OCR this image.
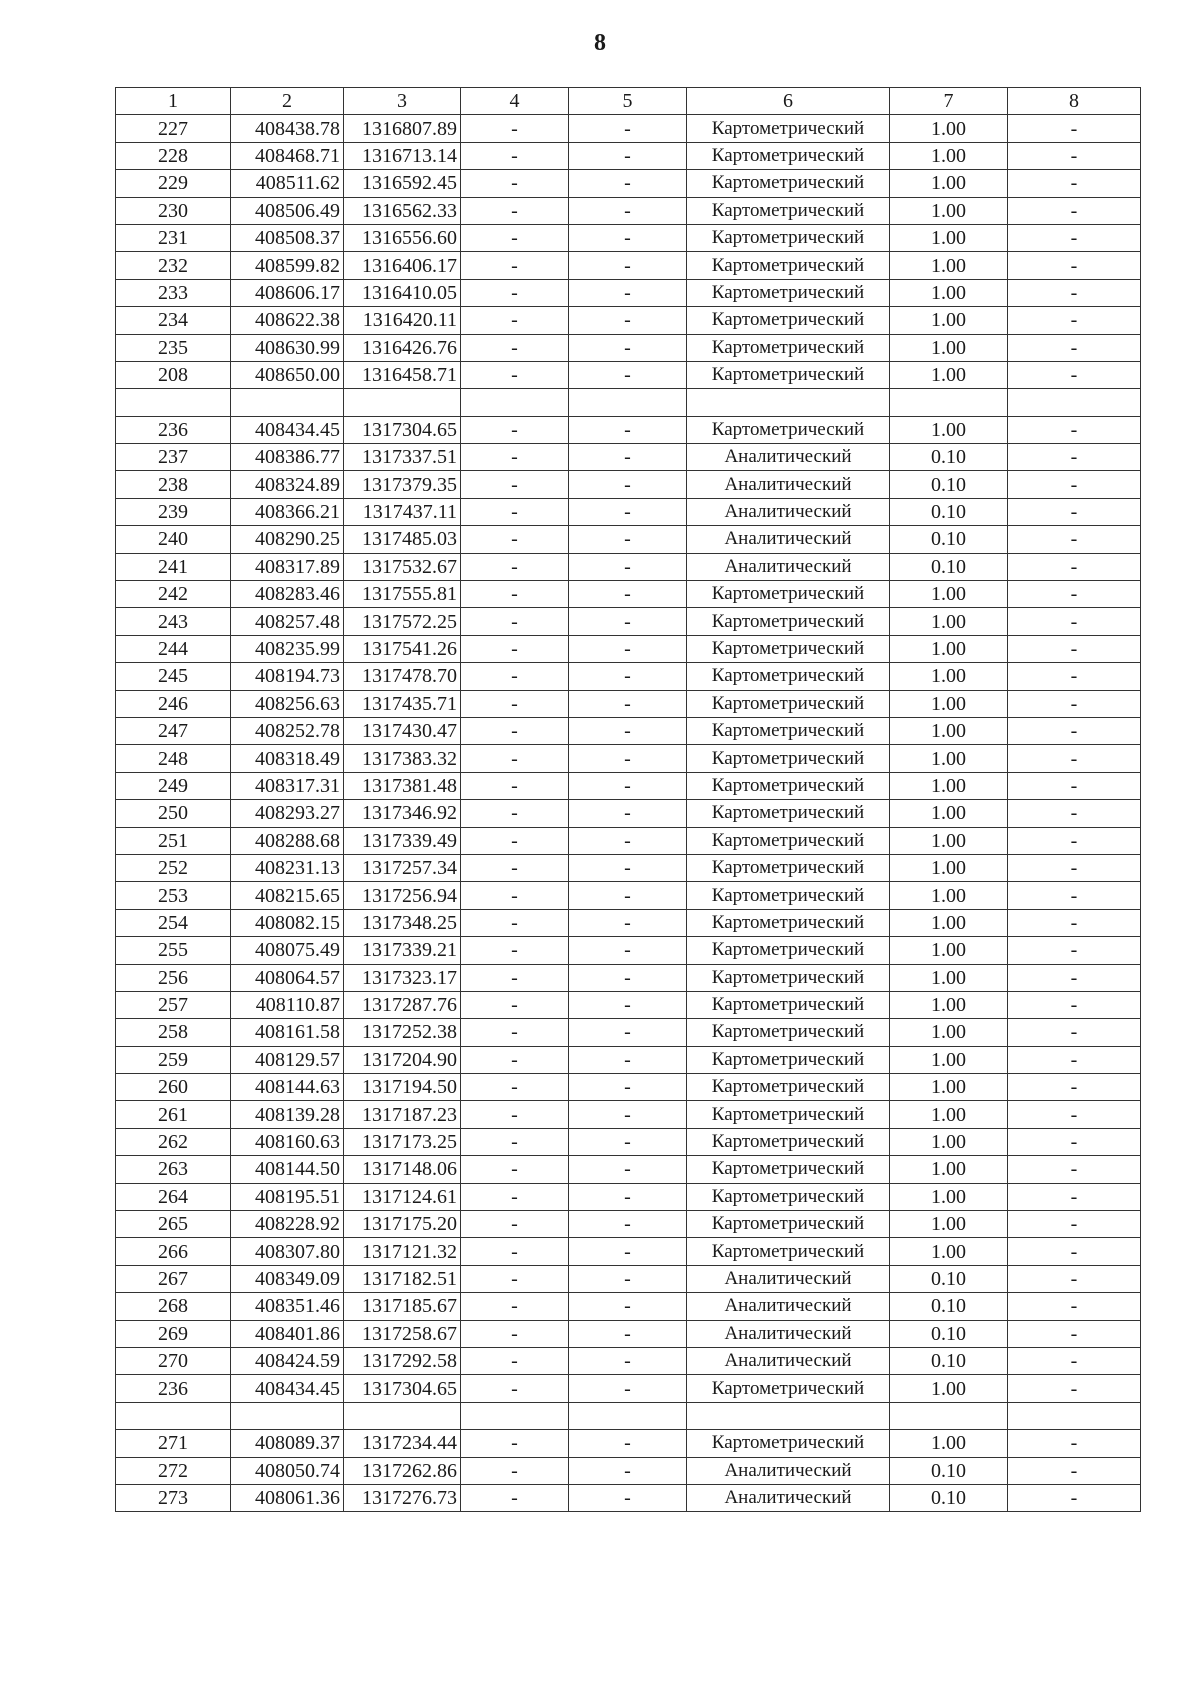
8
1	2	3	4	5	6	7	8
227	408438.78	1316807.89	-	-	Картометрический	1.00	-
228	408468.71	1316713.14	-	-	Картометрический	1.00	-
229	408511.62	1316592.45	-	-	Картометрический	1.00	-
230	408506.49	1316562.33	-	-	Картометрический	1.00	-
231	408508.37	1316556.60	-	-	Картометрический	1.00	-
232	408599.82	1316406.17	-	-	Картометрический	1.00	-
233	408606.17	1316410.05	-	-	Картометрический	1.00	-
234	408622.38	1316420.11	-	-	Картометрический	1.00	-
235	408630.99	1316426.76	-	-	Картометрический	1.00	-
208	408650.00	1316458.71	-	-	Картометрический	1.00	-

236	408434.45	1317304.65	-	-	Картометрический	1.00	-
237	408386.77	1317337.51	-	-	Аналитический	0.10	-
238	408324.89	1317379.35	-	-	Аналитический	0.10	-
239	408366.21	1317437.11	-	-	Аналитический	0.10	-
240	408290.25	1317485.03	-	-	Аналитический	0.10	-
241	408317.89	1317532.67	-	-	Аналитический	0.10	-
242	408283.46	1317555.81	-	-	Картометрический	1.00	-
243	408257.48	1317572.25	-	-	Картометрический	1.00	-
244	408235.99	1317541.26	-	-	Картометрический	1.00	-
245	408194.73	1317478.70	-	-	Картометрический	1.00	-
246	408256.63	1317435.71	-	-	Картометрический	1.00	-
247	408252.78	1317430.47	-	-	Картометрический	1.00	-
248	408318.49	1317383.32	-	-	Картометрический	1.00	-
249	408317.31	1317381.48	-	-	Картометрический	1.00	-
250	408293.27	1317346.92	-	-	Картометрический	1.00	-
251	408288.68	1317339.49	-	-	Картометрический	1.00	-
252	408231.13	1317257.34	-	-	Картометрический	1.00	-
253	408215.65	1317256.94	-	-	Картометрический	1.00	-
254	408082.15	1317348.25	-	-	Картометрический	1.00	-
255	408075.49	1317339.21	-	-	Картометрический	1.00	-
256	408064.57	1317323.17	-	-	Картометрический	1.00	-
257	408110.87	1317287.76	-	-	Картометрический	1.00	-
258	408161.58	1317252.38	-	-	Картометрический	1.00	-
259	408129.57	1317204.90	-	-	Картометрический	1.00	-
260	408144.63	1317194.50	-	-	Картометрический	1.00	-
261	408139.28	1317187.23	-	-	Картометрический	1.00	-
262	408160.63	1317173.25	-	-	Картометрический	1.00	-
263	408144.50	1317148.06	-	-	Картометрический	1.00	-
264	408195.51	1317124.61	-	-	Картометрический	1.00	-
265	408228.92	1317175.20	-	-	Картометрический	1.00	-
266	408307.80	1317121.32	-	-	Картометрический	1.00	-
267	408349.09	1317182.51	-	-	Аналитический	0.10	-
268	408351.46	1317185.67	-	-	Аналитический	0.10	-
269	408401.86	1317258.67	-	-	Аналитический	0.10	-
270	408424.59	1317292.58	-	-	Аналитический	0.10	-
236	408434.45	1317304.65	-	-	Картометрический	1.00	-

271	408089.37	1317234.44	-	-	Картометрический	1.00	-
272	408050.74	1317262.86	-	-	Аналитический	0.10	-
273	408061.36	1317276.73	-	-	Аналитический	0.10	-
